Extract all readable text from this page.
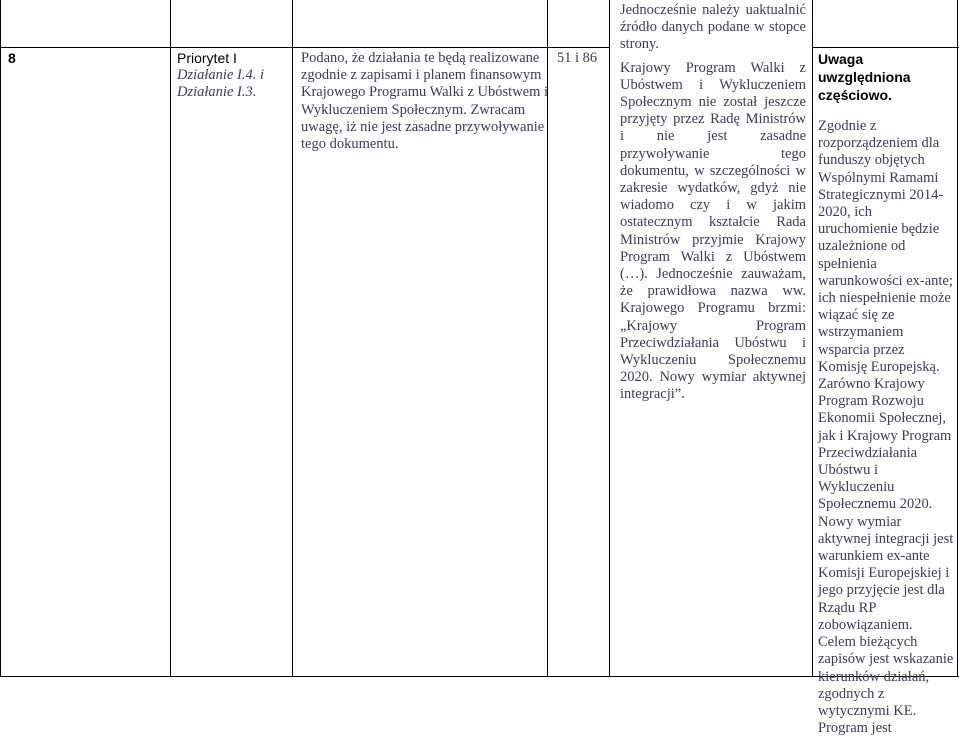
8	Priorytet I
Działanie I.4. i Działanie I.3.
Podano, że działania te będą realizowane zgodnie z zapisami i planem finansowym Krajowego Programu Walki z Ubóstwem i Wykluczeniem Społecznym. Zwracam uwagę, iż nie jest zasadne przywoływanie tego dokumentu.
51 i 86

Jednocześnie należy uaktualnić źródło danych podane w stopce strony.

Krajowy Program Walki z Ubóstwem i Wykluczeniem Społecznym nie został jeszcze przyjęty przez Radę Ministrów i nie jest zasadne przywoływanie tego dokumentu, w szczególności w zakresie wydatków, gdyż nie wiadomo czy i w jakim ostatecznym kształcie Rada Ministrów przyjmie Krajowy Program Walki z Ubóstwem (…). Jednocześnie zauważam, że prawidłowa nazwa ww. Krajowego Programu brzmi: „Krajowy Program Przeciwdziałania Ubóstwu i Wykluczeniu Społecznemu 2020. Nowy wymiar aktywnej integracji”.

Uwaga uwzględniona częściowo.

Zgodnie z rozporządzeniem dla funduszy objętych Wspólnymi Ramami Strategicznymi 2014-2020, ich uruchomienie będzie uzależnione od spełnienia warunkowości ex-ante; ich niespełnienie może wiązać się ze wstrzymaniem wsparcia przez Komisję Europejską. Zarówno Krajowy Program Rozwoju Ekonomii Społecznej, jak i Krajowy Program Przeciwdziałania Ubóstwu i Wykluczeniu Społecznemu 2020. Nowy wymiar aktywnej integracji jest warunkiem ex-ante Komisji Europejskiej i jego przyjęcie jest dla Rządu RP zobowiązaniem. Celem bieżących zapisów jest wskazanie kierunków działań, zgodnych z wytycznymi KE. Program jest
